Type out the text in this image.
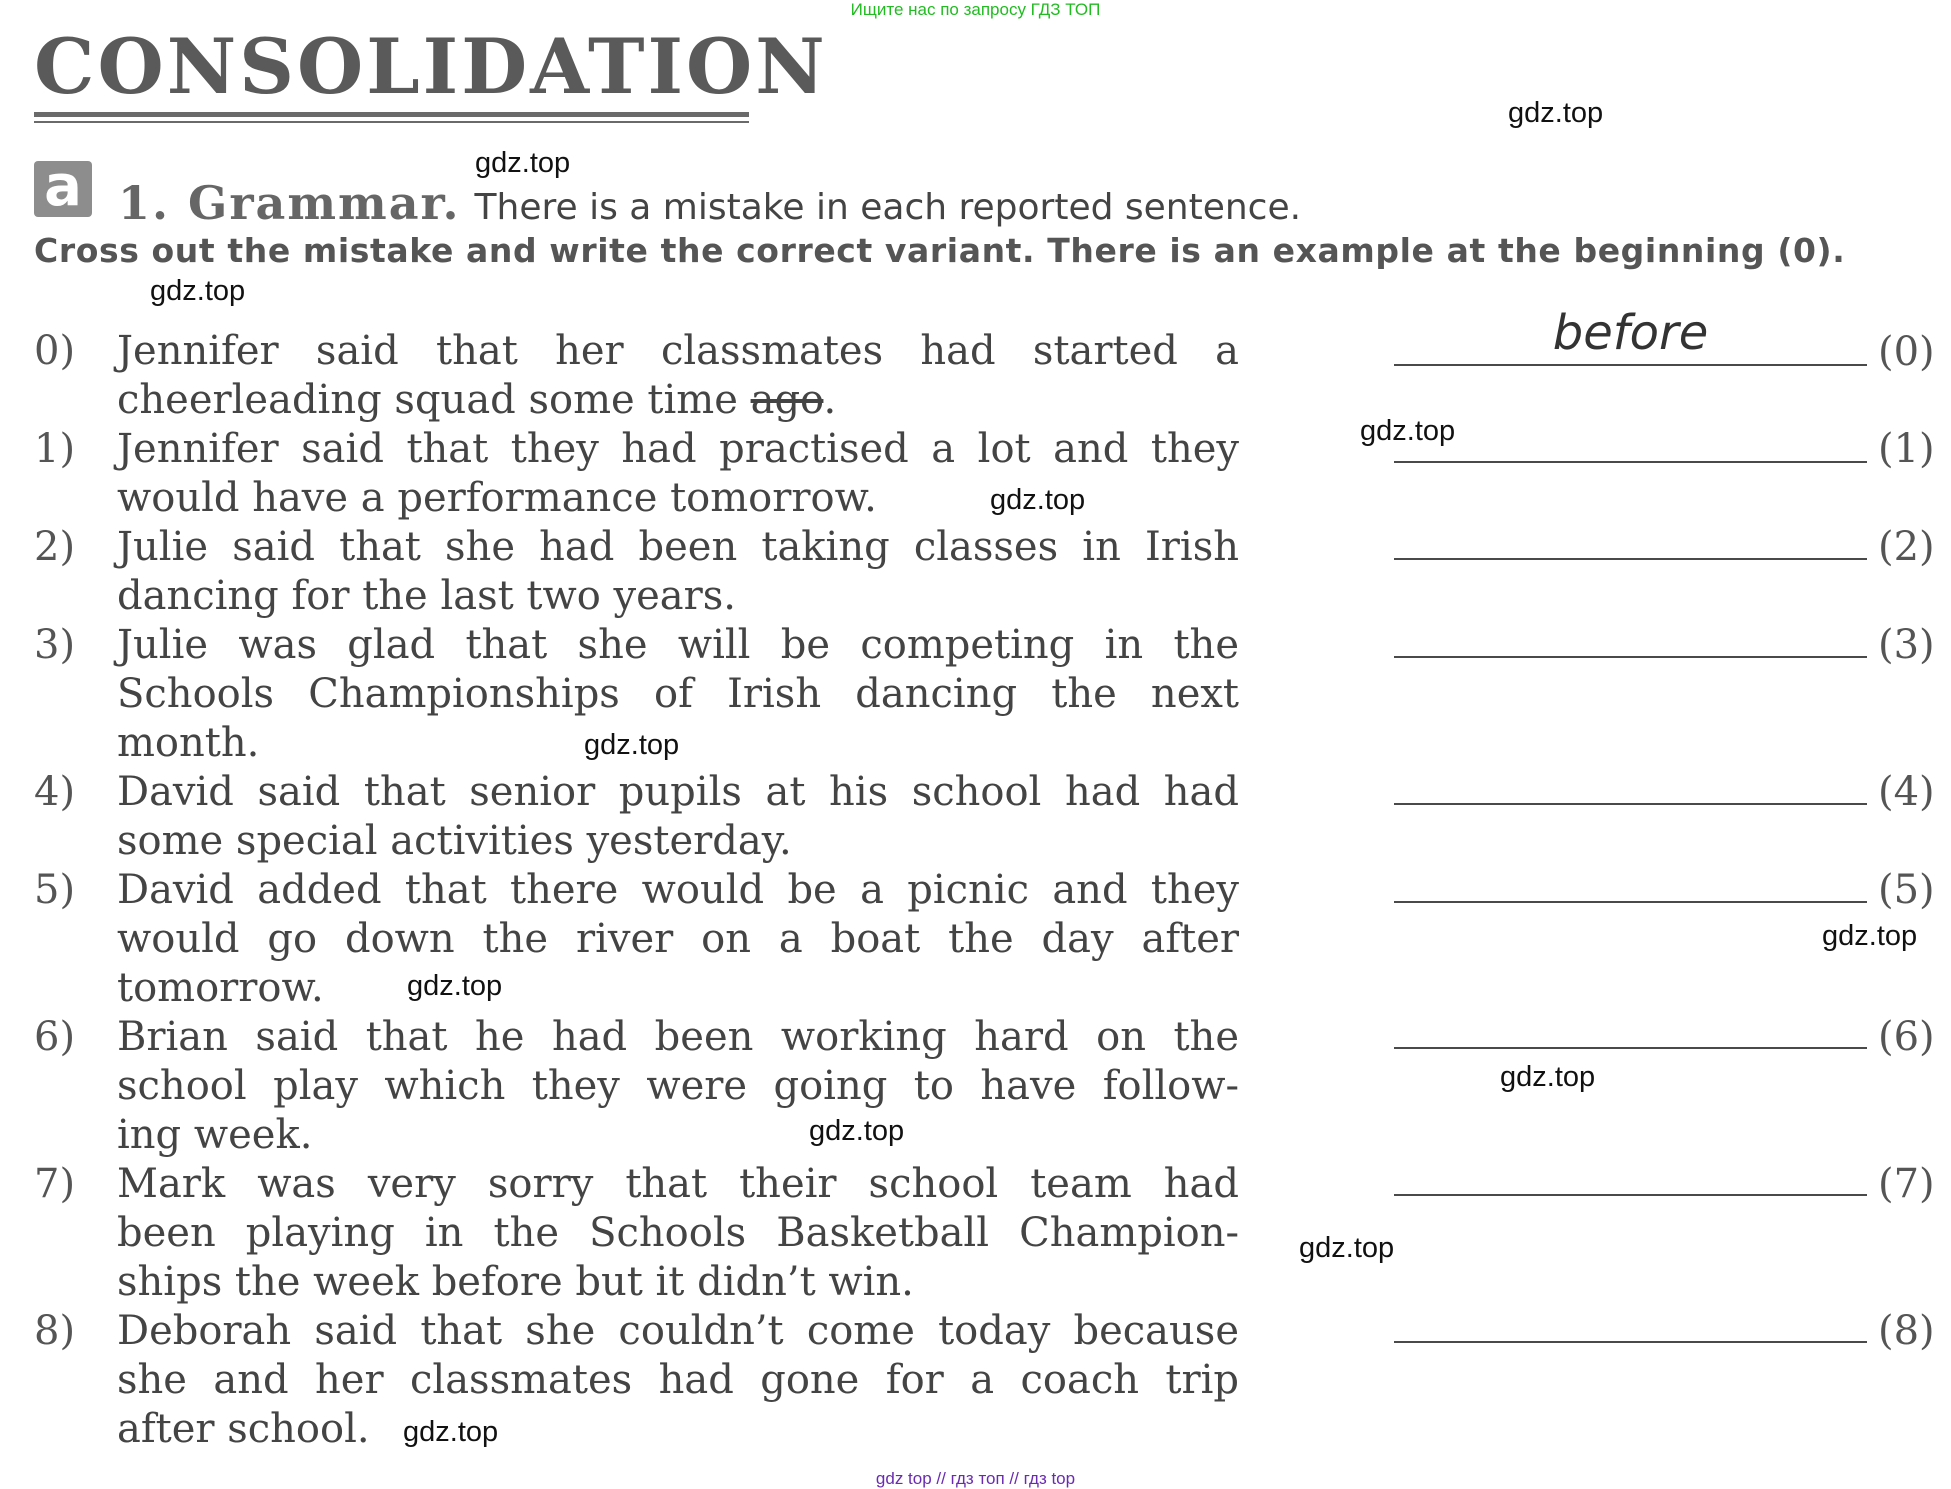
Ищите нас по запросу ГДЗ ТОП
CONSOLIDATION
a 1. Grammar. There is a mistake in each reported sentence.
Cross out the mistake and write the correct variant. There is an example at the beginning (0).
0) Jennifer said that her classmates had started a
cheerleading squad some time ago.
before	(0)
1) Jennifer said that they had practised a lot and they
would have a performance tomorrow.
(1)
2) Julie said that she had been taking classes in Irish
dancing for the last two years.
(2)
3) Julie was glad that she will be competing in the
Schools Championships of Irish dancing the next
month.
(3)
4) David said that senior pupils at his school had had
some special activities yesterday.
(4)
5) David added that there would be a picnic and they
would go down the river on a boat the day after
tomorrow.
(5)
6) Brian said that he had been working hard on the
school play which they were going to have follow-
ing week.
(6)
7) Mark was very sorry that their school team had
been playing in the Schools Basketball Champion-
ships the week before but it didn’t win.
(7)
8) Deborah said that she couldn’t come today because
she and her classmates had gone for a coach trip
after school.
(8)
gdz.top
gdz.top
gdz.top
gdz.top
gdz.top
gdz.top
gdz.top
gdz.top
gdz.top
gdz.top
gdz.top
gdz.top
gdz top // гдз топ // гдз top
